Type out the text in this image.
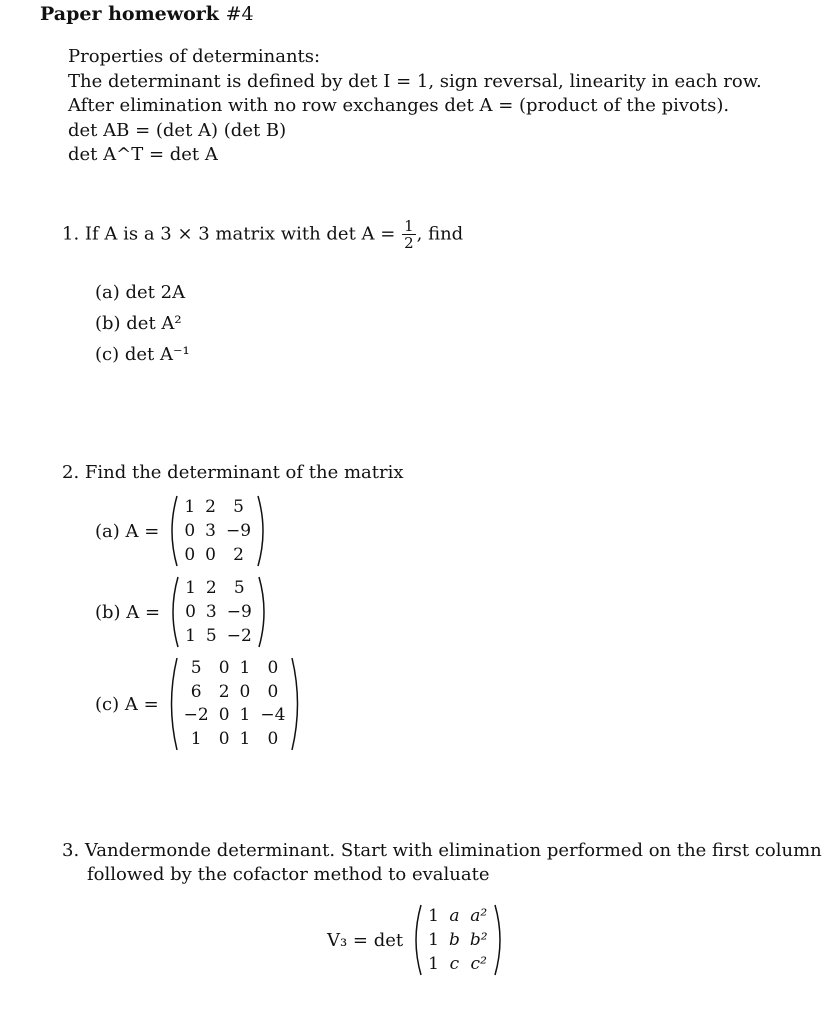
Paper homework #4
Properties of determinants:
The determinant is defined by det I = 1, sign reversal, linearity in each row.
After elimination with no row exchanges det A = (product of the pivots).
det AB = (det A) (det B)
det A^T = det A
1. If A is a 3 × 3 matrix with $\det A = \frac{1}{2}$ , find
(a) det 2A
(b) det A²
(c) det A⁻¹
2. Find the determinant of the matrix
(a) A =
1	2	5
0	3	−9
0	0	2
(b) A =
1	2	5
0	3	−9
1	5	−2
(c) A =
5	0	1	0
6	2	0	0
−2	0	1	−4
1	0	1	0
3. Vandermonde determinant. Start with elimination performed on the first column
followed by the cofactor method to evaluate
V₃ = det
1	a	a²
1	b	b²
1	c	c²
